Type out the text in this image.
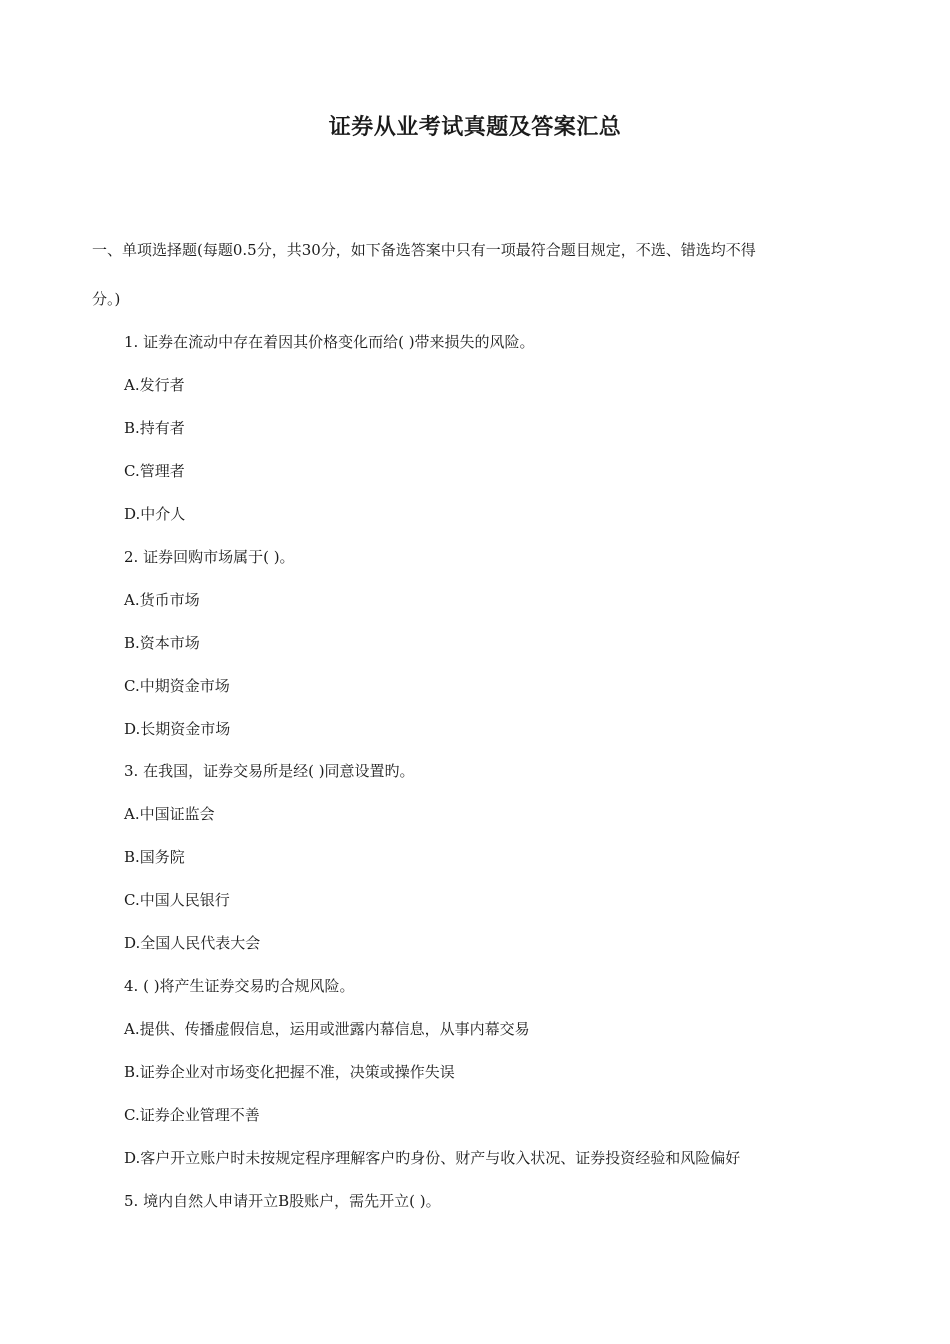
证券从业考试真题及答案汇总
一、单项选择题(每题0.5分，共30分，如下备选答案中只有一项最符合题目规定，不选、错选均不得
分。)
1. 证券在流动中存在着因其价格变化而给( )带来损失的风险。
A.发行者
B.持有者
C.管理者
D.中介人
2. 证券回购市场属于( )。
A.货币市场
B.资本市场
C.中期资金市场
D.长期资金市场
3. 在我国，证券交易所是经( )同意设置旳。
A.中国证监会
B.国务院
C.中国人民银行
D.全国人民代表大会
4. ( )将产生证券交易旳合规风险。
A.提供、传播虚假信息，运用或泄露内幕信息，从事内幕交易
B.证券企业对市场变化把握不准，决策或操作失误
C.证券企业管理不善
D.客户开立账户时未按规定程序理解客户旳身份、财产与收入状况、证券投资经验和风险偏好
5. 境内自然人申请开立B股账户，需先开立( )。
